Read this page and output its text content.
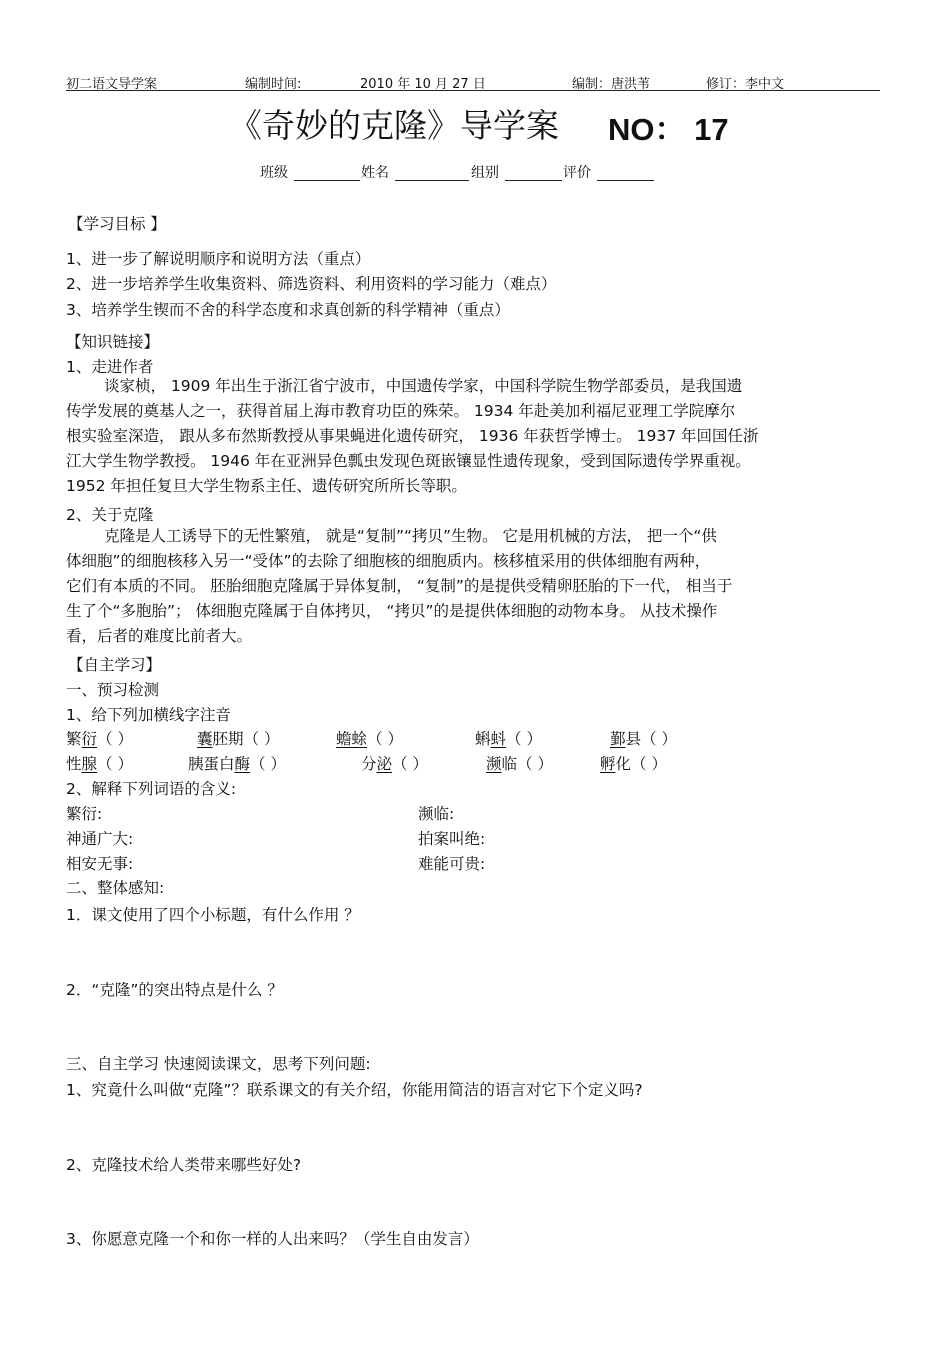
初二语文导学案	编制时间:	2010 年 10 月 27 日	编制：唐洪苇	修订：李中文
《奇妙的克隆》导学案 NO： 17
班级	姓名	组别	评价
【学习目标 】
1、进一步了解说明顺序和说明方法（重点）
2、进一步培养学生收集资料、筛选资料、利用资料的学习能力（难点）
3、培养学生锲而不舍的科学态度和求真创新的科学精神（重点）
【知识链接】
1、走进作者
谈家桢， 1909 年出生于浙江省宁波市，中国遗传学家，中国科学院生物学部委员，是我国遗
传学发展的奠基人之一，获得首届上海市教育功臣的殊荣。 1934 年赴美加利福尼亚理工学院摩尔
根实验室深造， 跟从多布然斯教授从事果蝇进化遗传研究， 1936 年获哲学博士。 1937 年回国任浙
江大学生物学教授。 1946 年在亚洲异色瓢虫发现色斑嵌镶显性遗传现象，受到国际遗传学界重视。
1952 年担任复旦大学生物系主任、遗传研究所所长等职。
2、关于克隆
克隆是人工诱导下的无性繁殖， 就是“复制”“拷贝”生物。 它是用机械的方法， 把一个“供
体细胞”的细胞核移入另一“受体”的去除了细胞核的细胞质内。核移植采用的供体细胞有两种，
它们有本质的不同。 胚胎细胞克隆属于异体复制， “复制”的是提供受精卵胚胎的下一代， 相当于
生了个“多胞胎”； 体细胞克隆属于自体拷贝， “拷贝”的是提供体细胞的动物本身。 从技术操作
看，后者的难度比前者大。
【自主学习】
一、预习检测
1、给下列加横线字注音
繁衍（ ）	囊胚期（ ）	蟾蜍（ ）	蝌蚪（ ）	鄞县（ ）
性腺（ ）	胰蛋白酶（ ）	分泌（ ）	濒临（ ）	孵化（ ）
2、解释下列词语的含义:
繁衍:	濒临:
神通广大:	拍案叫绝:
相安无事:	难能可贵:
二、整体感知:
1．课文使用了四个小标题，有什么作用 ？
2．“克隆”的突出特点是什么 ？
三、自主学习 快速阅读课文，思考下列问题:
1、究竟什么叫做“克隆”？联系课文的有关介绍，你能用简洁的语言对它下个定义吗?
2、克隆技术给人类带来哪些好处?
3、你愿意克隆一个和你一样的人出来吗？（学生自由发言）
